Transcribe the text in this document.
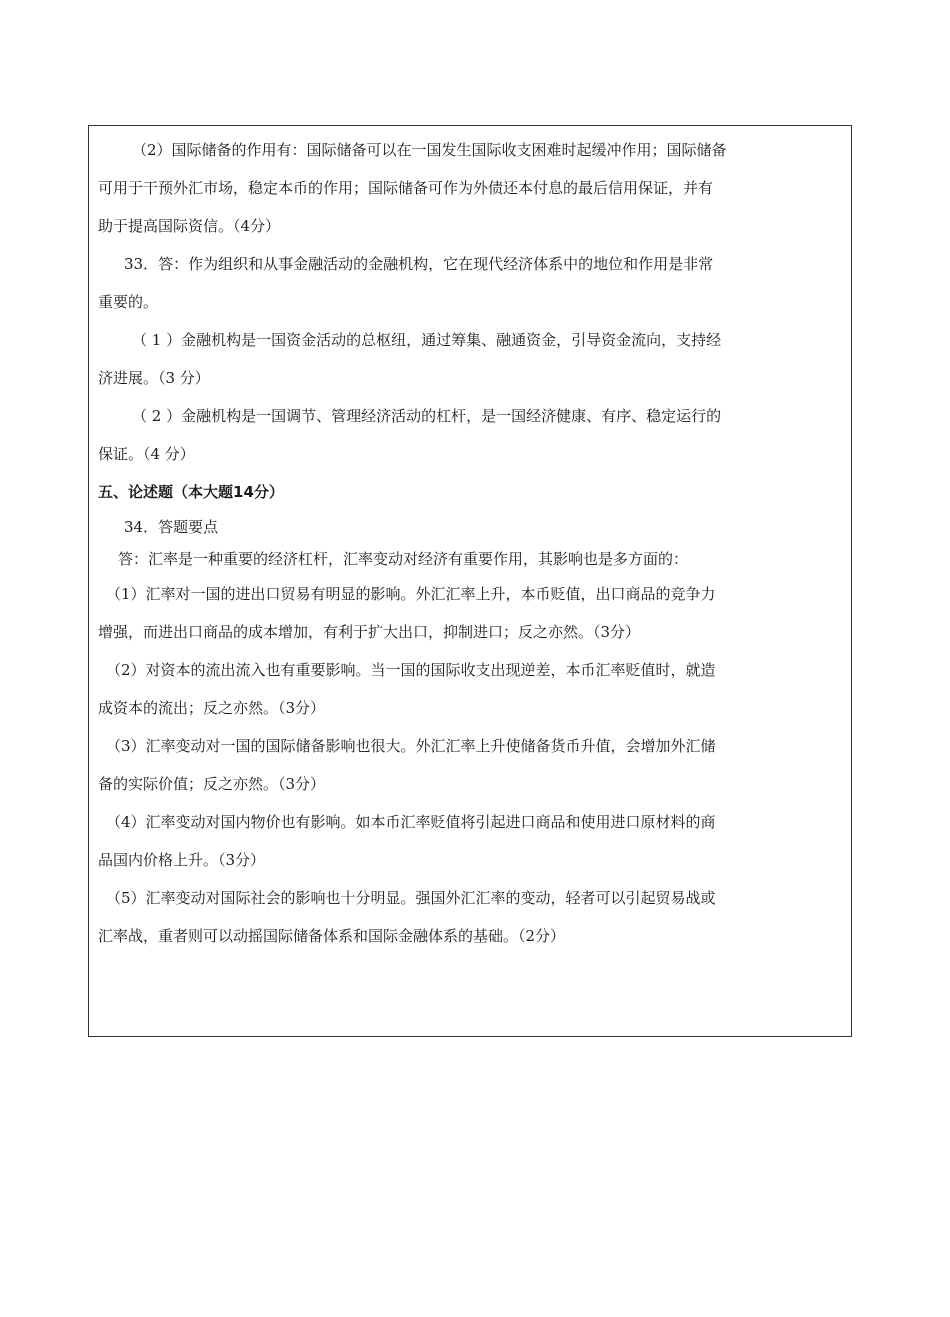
（2）国际储备的作用有：国际储备可以在一国发生国际收支困难时起缓冲作用；国际储备

可用于干预外汇市场，稳定本币的作用；国际储备可作为外债还本付息的最后信用保证，并有

助于提高国际资信。（4分）

33．答：作为组织和从事金融活动的金融机构，它在现代经济体系中的地位和作用是非常

重要的。

（ 1 ）金融机构是一国资金活动的总枢纽，通过筹集、融通资金，引导资金流向，支持经

济进展。（3 分）

（ 2 ）金融机构是一国调节、管理经济活动的杠杆，是一国经济健康、有序、稳定运行的

保证。（4 分）

五、论述题（本大题14分）

34．答题要点

答：汇率是一种重要的经济杠杆，汇率变动对经济有重要作用，其影响也是多方面的：

（1）汇率对一国的进出口贸易有明显的影响。外汇汇率上升，本币贬值，出口商品的竞争力

增强，而进出口商品的成本增加，有利于扩大出口，抑制进口；反之亦然。（3分）

（2）对资本的流出流入也有重要影响。当一国的国际收支出现逆差，本币汇率贬值时，就造

成资本的流出；反之亦然。（3分）

（3）汇率变动对一国的国际储备影响也很大。外汇汇率上升使储备货币升值，会增加外汇储

备的实际价值；反之亦然。（3分）

（4）汇率变动对国内物价也有影响。如本币汇率贬值将引起进口商品和使用进口原材料的商

品国内价格上升。（3分）

（5）汇率变动对国际社会的影响也十分明显。强国外汇汇率的变动，轻者可以引起贸易战或

汇率战，重者则可以动摇国际储备体系和国际金融体系的基础。（2分）
